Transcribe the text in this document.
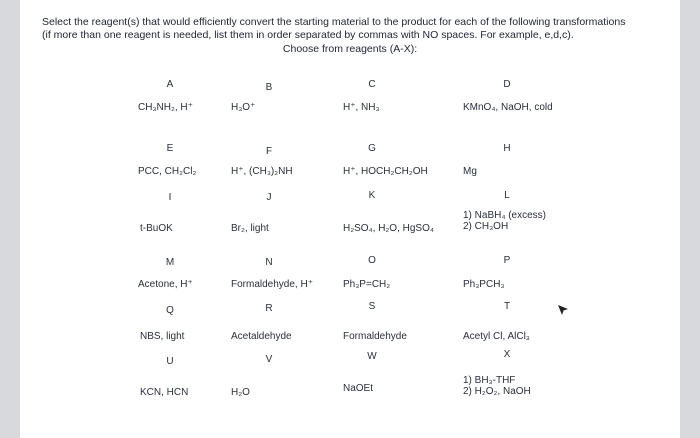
Select the reagent(s) that would efficiently convert the starting material to the product for each of the following transformations (if more than one reagent is needed, list them in order separated by commas with NO spaces. For example, e,d,c).
Choose from reagents (A-X):
A
CH₃NH₂, H⁺
B
H₃O⁺
C
H⁺, NH₃
D
KMnO₄, NaOH, cold
E
PCC, CH₂Cl₂
F
H⁺, (CH₃)₂NH
G
H⁺, HOCH₂CH₂OH
H
Mg
I
t-BuOK
J
Br₂, light
K
H₂SO₄, H₂O, HgSO₄
L
1) NaBH₄ (excess)
2) CH₃OH
M
Acetone, H⁺
N
Formaldehyde, H⁺
O
Ph₃P=CH₂
P
Ph₃PCH₃
Q
NBS, light
R
Acetaldehyde
S
Formaldehyde
T
Acetyl Cl, AlCl₃
U
KCN, HCN
V
H₂O
W
NaOEt
X
1) BH₃-THF
2) H₂O₂, NaOH
